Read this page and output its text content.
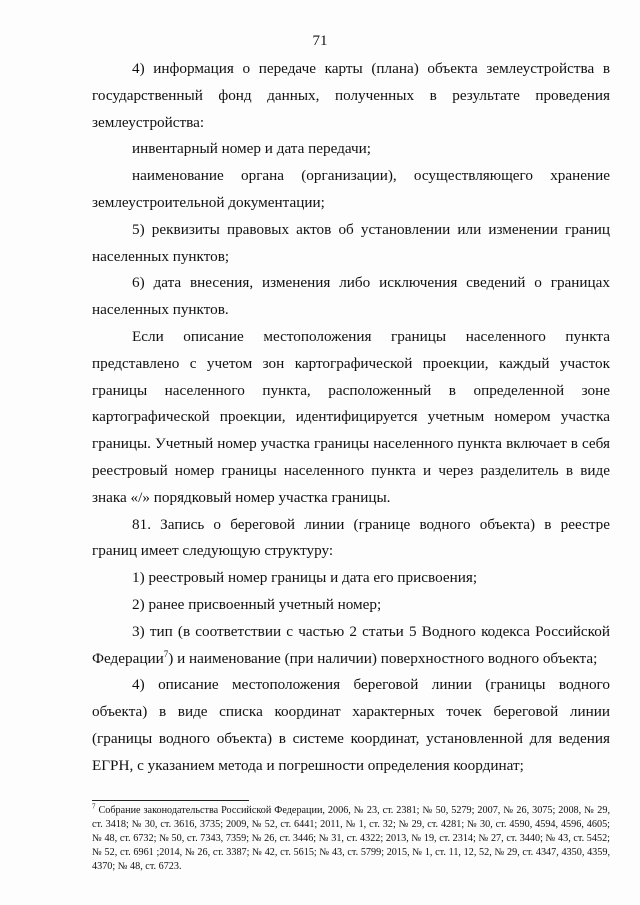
71

4) информация о передаче карты (плана) объекта землеустройства в государственный фонд данных, полученных в результате проведения землеустройства:

инвентарный номер и дата передачи;

наименование органа (организации), осуществляющего хранение землеустроительной документации;

5) реквизиты правовых актов об установлении или изменении границ населенных пунктов;

6) дата внесения, изменения либо исключения сведений о границах населенных пунктов.

Если описание местоположения границы населенного пункта представлено с учетом зон картографической проекции, каждый участок границы населенного пункта, расположенный в определенной зоне картографической проекции, идентифицируется учетным номером участка границы. Учетный номер участка границы населенного пункта включает в себя реестровый номер границы населенного пункта и через разделитель в виде знака «/» порядковый номер участка границы.

81. Запись о береговой линии (границе водного объекта) в реестре границ имеет следующую структуру:

1) реестровый номер границы и дата его присвоения;

2) ранее присвоенный учетный номер;

3) тип (в соответствии с частью 2 статьи 5 Водного кодекса Российской Федерации$^7$) и наименование (при наличии) поверхностного водного объекта;

4) описание местоположения береговой линии (границы водного объекта) в виде списка координат характерных точек береговой линии (границы водного объекта) в системе координат, установленной для ведения ЕГРН, с указанием метода и погрешности определения координат;

$^7$ Собрание законодательства Российской Федерации, 2006, № 23, ст. 2381; № 50, 5279; 2007, № 26, 3075; 2008, № 29, ст. 3418; № 30, ст. 3616, 3735; 2009, № 52, ст. 6441; 2011, № 1, ст. 32; № 29, ст. 4281; № 30, ст. 4590, 4594, 4596, 4605; № 48, ст. 6732; № 50, ст. 7343, 7359; № 26, ст. 3446; № 31, ст. 4322; 2013, № 19, ст. 2314; № 27, ст. 3440; № 43, ст. 5452; № 52, ст. 6961 ;2014, № 26, ст. 3387; № 42, ст. 5615; № 43, ст. 5799; 2015, № 1, ст. 11, 12, 52, № 29, ст. 4347, 4350, 4359, 4370; № 48, ст. 6723.
